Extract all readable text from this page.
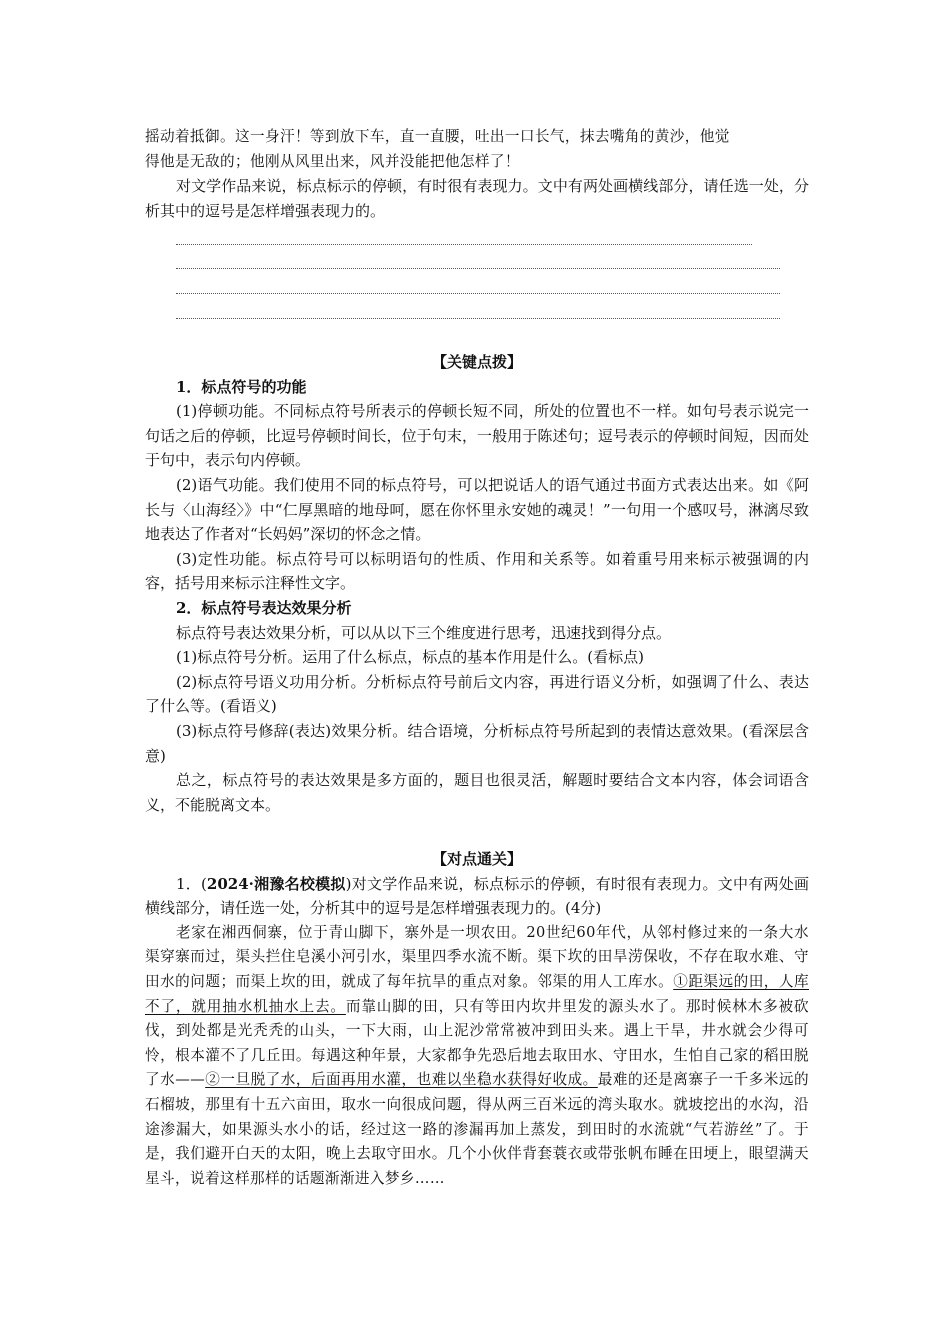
摇动着抵御。这一身汗！等到放下车，直一直腰，吐出一口长气，抹去嘴角的黄沙，他觉

得他是无敌的；他刚从风里出来，风并没能把他怎样了！

对文学作品来说，标点标示的停顿，有时很有表现力。文中有两处画横线部分，请任选一处，分析其中的逗号是怎样增强表现力的。

【关键点拨】

1．标点符号的功能

(1)停顿功能。不同标点符号所表示的停顿长短不同，所处的位置也不一样。如句号表示说完一句话之后的停顿，比逗号停顿时间长，位于句末，一般用于陈述句；逗号表示的停顿时间短，因而处于句中，表示句内停顿。

(2)语气功能。我们使用不同的标点符号，可以把说话人的语气通过书面方式表达出来。如《阿长与〈山海经〉》中“仁厚黑暗的地母呵，愿在你怀里永安她的魂灵！”一句用一个感叹号，淋漓尽致地表达了作者对“长妈妈”深切的怀念之情。

(3)定性功能。标点符号可以标明语句的性质、作用和关系等。如着重号用来标示被强调的内容，括号用来标示注释性文字。

2．标点符号表达效果分析

标点符号表达效果分析，可以从以下三个维度进行思考，迅速找到得分点。

(1)标点符号分析。运用了什么标点，标点的基本作用是什么。(看标点)

(2)标点符号语义功用分析。分析标点符号前后文内容，再进行语义分析，如强调了什么、表达了什么等。(看语义)

(3)标点符号修辞(表达)效果分析。结合语境，分析标点符号所起到的表情达意效果。(看深层含意)

总之，标点符号的表达效果是多方面的，题目也很灵活，解题时要结合文本内容，体会词语含义，不能脱离文本。

【对点通关】

1．(2024·湘豫名校模拟)对文学作品来说，标点标示的停顿，有时很有表现力。文中有两处画横线部分，请任选一处，分析其中的逗号是怎样增强表现力的。(4分)

老家在湘西侗寨，位于青山脚下，寨外是一坝农田。20世纪60年代，从邻村修过来的一条大水渠穿寨而过，渠头拦住皂溪小河引水，渠里四季水流不断。渠下坎的田旱涝保收，不存在取水难、守田水的问题；而渠上坎的田，就成了每年抗旱的重点对象。邻渠的用人工库水。①距渠远的田，人库不了，就用抽水机抽水上去。而靠山脚的田，只有等田内坎井里发的源头水了。那时候林木多被砍伐，到处都是光秃秃的山头，一下大雨，山上泥沙常常被冲到田头来。遇上干旱，井水就会少得可怜，根本灌不了几丘田。每遇这种年景，大家都争先恐后地去取田水、守田水，生怕自己家的稻田脱了水——②一旦脱了水，后面再用水灌，也难以坐稳水获得好收成。最难的还是离寨子一千多米远的石榴坡，那里有十五六亩田，取水一向很成问题，得从两三百米远的湾头取水。就坡挖出的水沟，沿途渗漏大，如果源头水小的话，经过这一路的渗漏再加上蒸发，到田时的水流就“气若游丝”了。于是，我们避开白天的太阳，晚上去取守田水。几个小伙伴背套蓑衣或带张帆布睡在田埂上，眼望满天星斗，说着这样那样的话题渐渐进入梦乡……
